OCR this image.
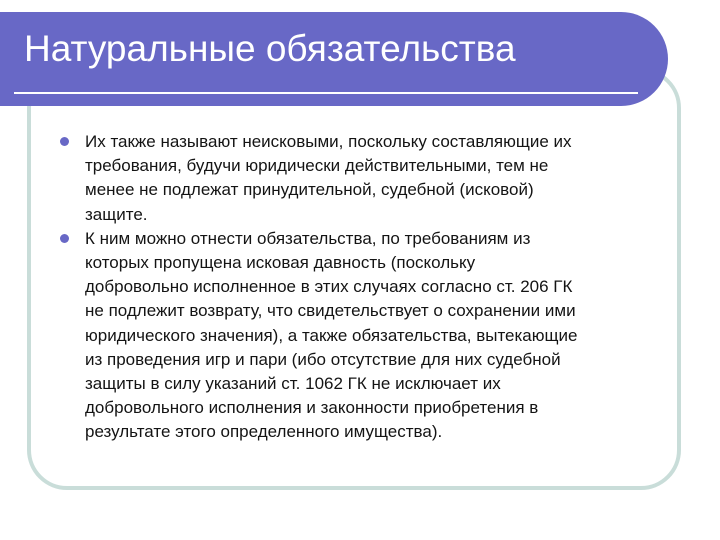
Натуральные обязательства
Их также называют неисковыми, поскольку составляющие их
требования, будучи юридически действительными, тем не
менее не подлежат принудительной, судебной (исковой)
защите.
К ним можно отнести обязательства, по требованиям из
которых пропущена исковая давность (поскольку
добровольно исполненное в этих случаях согласно ст. 206 ГК
не подлежит возврату, что свидетельствует о сохранении ими
юридического значения), а также обязательства, вытекающие
из проведения игр и пари (ибо отсутствие для них судебной
защиты в силу указаний ст. 1062 ГК не исключает их
добровольного исполнения и законности приобретения в
результате этого определенного имущества).
